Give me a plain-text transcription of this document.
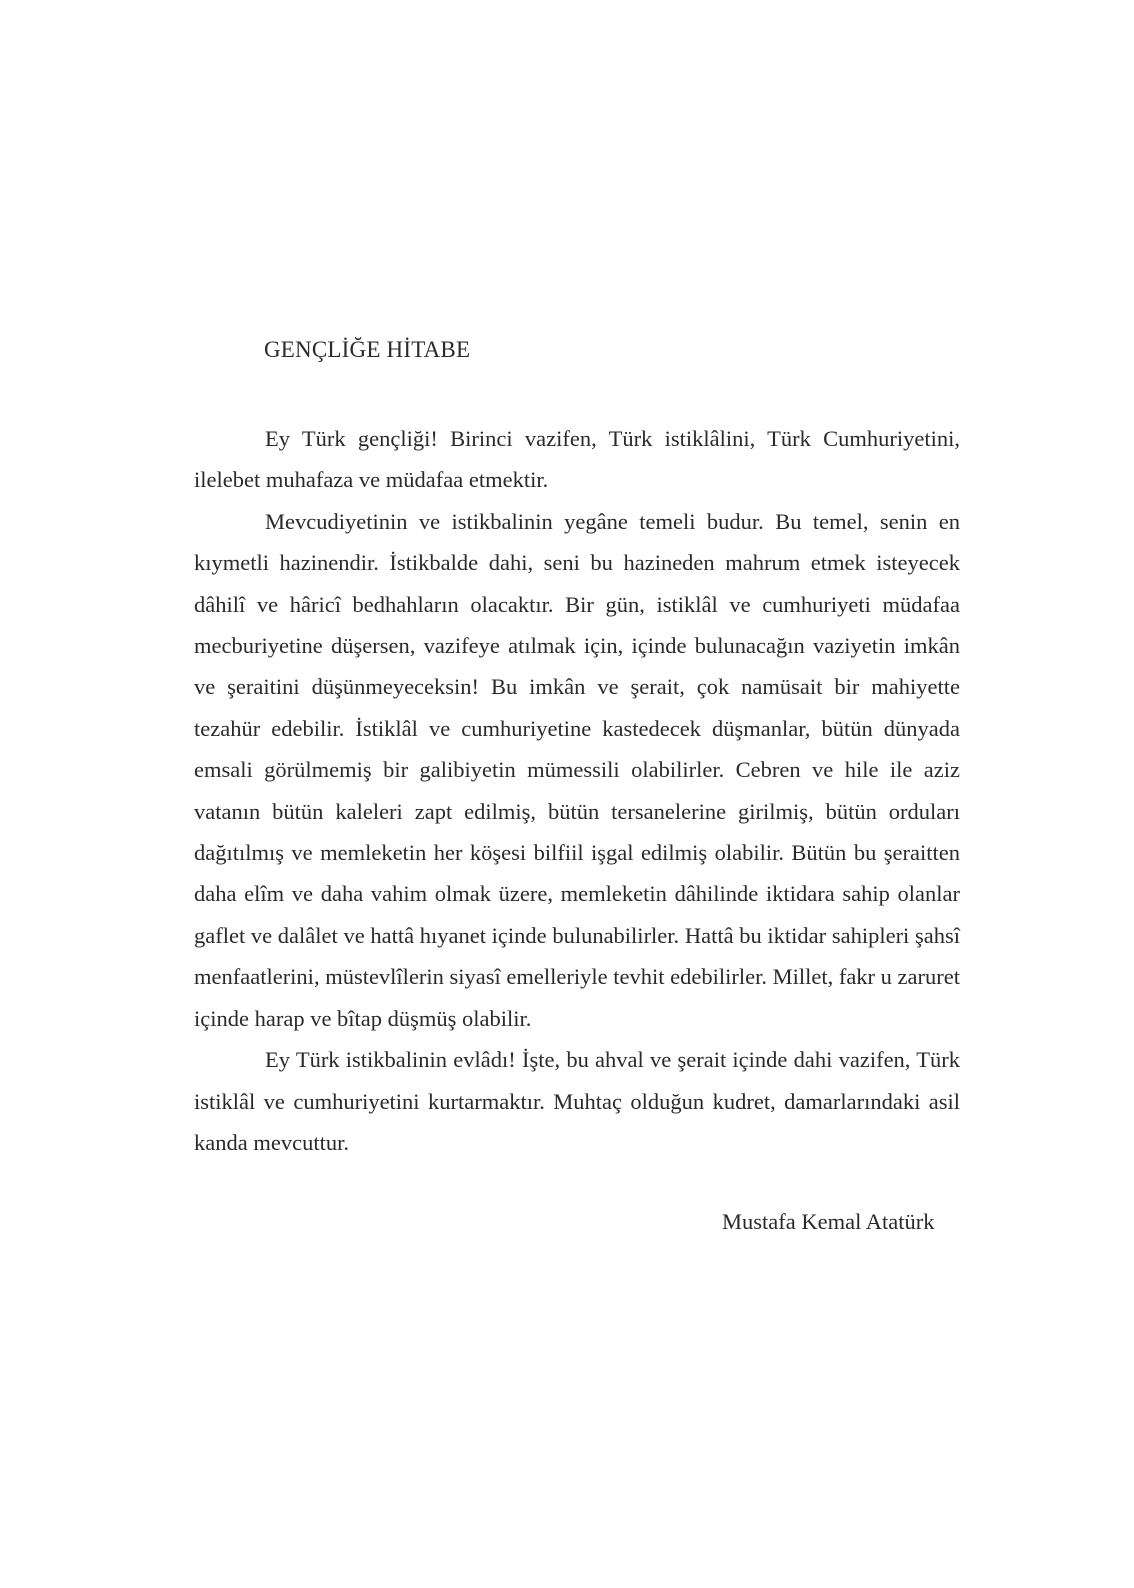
GENÇLİĞE HİTABE

Ey Türk gençliği! Birinci vazifen, Türk istiklâlini, Türk Cumhuriyetini, ilelebet muhafaza ve müdafaa etmektir.

Mevcudiyetinin ve istikbalinin yegâne temeli budur. Bu temel, senin en kıymetli hazinendir. İstikbalde dahi, seni bu hazineden mahrum etmek isteyecek dâhilî ve hâricî bedhahların olacaktır. Bir gün, istiklâl ve cumhuriyeti müdafaa mecburiyetine düşersen, vazifeye atılmak için, içinde bulunacağın vaziyetin imkân ve şeraitini düşünmeyeceksin! Bu imkân ve şerait, çok namüsait bir mahiyette tezahür edebilir. İstiklâl ve cumhuriyetine kastedecek düşmanlar, bütün dünyada emsali görülmemiş bir galibiyetin mümessili olabilirler. Cebren ve hile ile aziz vatanın bütün kaleleri zapt edilmiş, bütün tersanelerine girilmiş, bütün orduları dağıtılmış ve memleketin her köşesi bilfiil işgal edilmiş olabilir. Bütün bu şeraitten daha elîm ve daha vahim olmak üzere, memleketin dâhilinde iktidara sahip olanlar gaflet ve dalâlet ve hattâ hıyanet içinde bulunabilirler. Hattâ bu iktidar sahipleri şahsî menfaatlerini, müstevlîlerin siyasî emelleriyle tevhit edebilirler. Millet, fakr u zaruret içinde harap ve bîtap düşmüş olabilir.

Ey Türk istikbalinin evlâdı! İşte, bu ahval ve şerait içinde dahi vazifen, Türk istiklâl ve cumhuriyetini kurtarmaktır. Muhtaç olduğun kudret, damarlarındaki asil kanda mevcuttur.

Mustafa Kemal Atatürk
